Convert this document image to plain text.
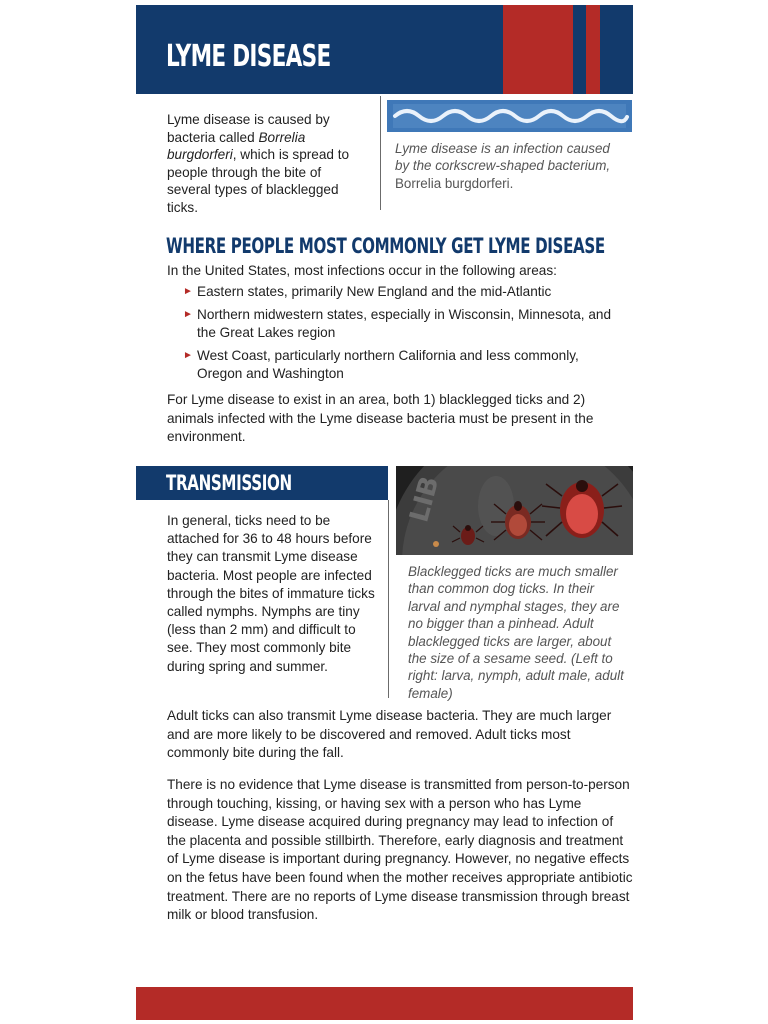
LYME DISEASE

Lyme disease is caused by bacteria called Borrelia burgdorferi, which is spread to people through the bite of several types of blacklegged ticks.

Lyme disease is an infection caused by the corkscrew-shaped bacterium, Borrelia burgdorferi.

WHERE PEOPLE MOST COMMONLY GET LYME DISEASE

In the United States, most infections occur in the following areas:

► Eastern states, primarily New England and the mid-Atlantic
► Northern midwestern states, especially in Wisconsin, Minnesota, and the Great Lakes region
► West Coast, particularly northern California and less commonly, Oregon and Washington

For Lyme disease to exist in an area, both 1) blacklegged ticks and 2) animals infected with the Lyme disease bacteria must be present in the environment.

TRANSMISSION

In general, ticks need to be attached for 36 to 48 hours before they can transmit Lyme disease bacteria. Most people are infected through the bites of immature ticks called nymphs. Nymphs are tiny (less than 2 mm) and difficult to see. They most commonly bite during spring and summer.

LIB

Blacklegged ticks are much smaller than common dog ticks. In their larval and nymphal stages, they are no bigger than a pinhead. Adult blacklegged ticks are larger, about the size of a sesame seed. (Left to right: larva, nymph, adult male, adult female)

Adult ticks can also transmit Lyme disease bacteria. They are much larger and are more likely to be discovered and removed. Adult ticks most commonly bite during the fall.

There is no evidence that Lyme disease is transmitted from person-to-person through touching, kissing, or having sex with a person who has Lyme disease. Lyme disease acquired during pregnancy may lead to infection of the placenta and possible stillbirth. Therefore, early diagnosis and treatment of Lyme disease is important during pregnancy. However, no negative effects on the fetus have been found when the mother receives appropriate antibiotic treatment. There are no reports of Lyme disease transmission through breast milk or blood transfusion.
